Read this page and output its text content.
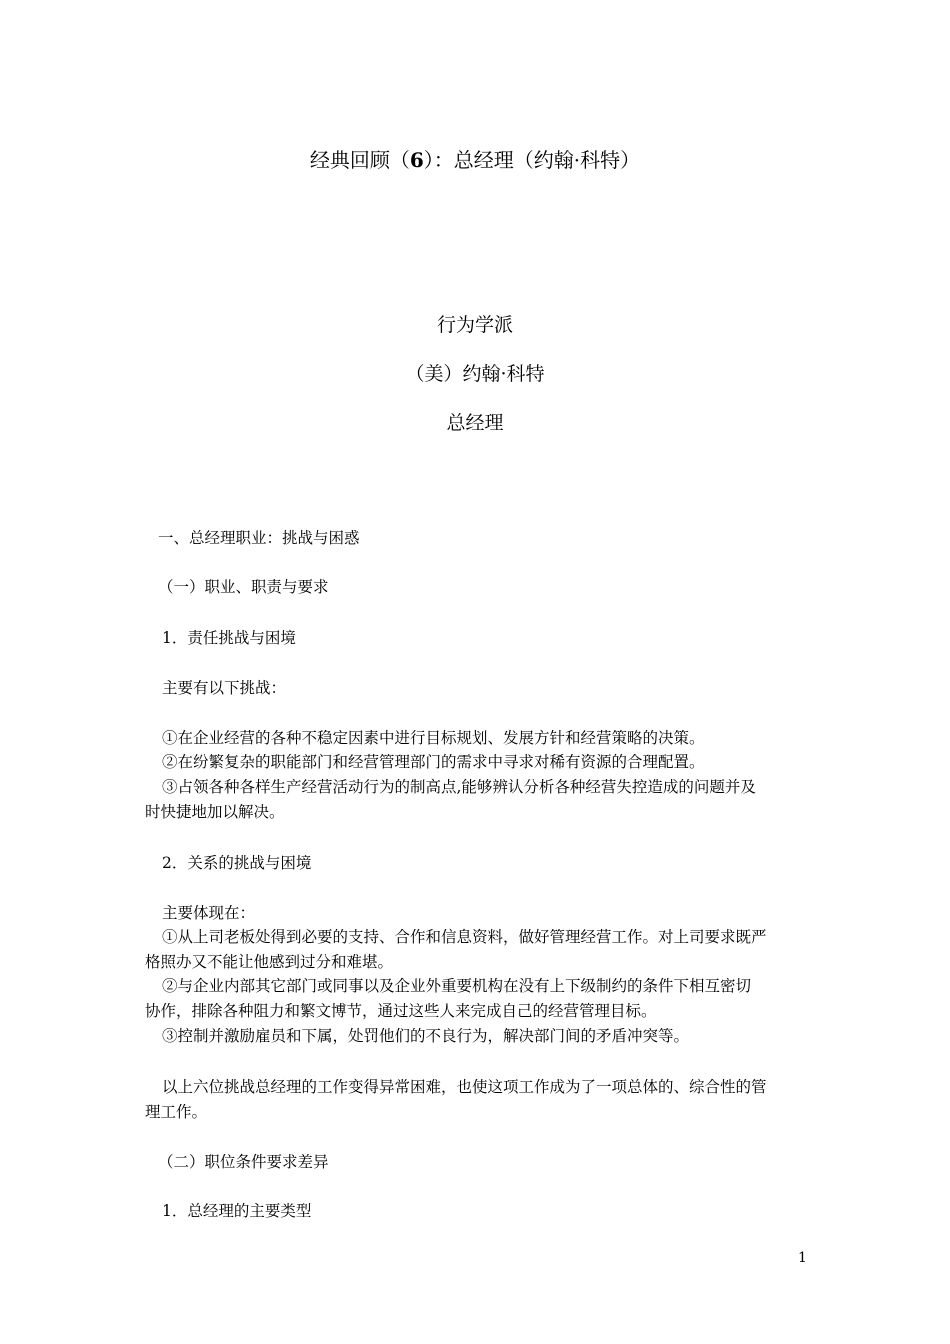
经典回顾（6）：总经理（约翰·科特）
行为学派
（美）约翰·科特
总经理
一、总经理职业：挑战与困惑
（一）职业、职责与要求
1．责任挑战与困境
主要有以下挑战：
①在企业经营的各种不稳定因素中进行目标规划、发展方针和经营策略的决策。
②在纷繁复杂的职能部门和经营管理部门的需求中寻求对稀有资源的合理配置。
③占领各种各样生产经营活动行为的制高点,能够辨认分析各种经营失控造成的问题并及
时快捷地加以解决。
2．关系的挑战与困境
主要体现在：
①从上司老板处得到必要的支持、合作和信息资料，做好管理经营工作。对上司要求既严
格照办又不能让他感到过分和难堪。
②与企业内部其它部门或同事以及企业外重要机构在没有上下级制约的条件下相互密切
协作，排除各种阻力和繁文博节，通过这些人来完成自己的经营管理目标。
③控制并激励雇员和下属，处罚他们的不良行为，解决部门间的矛盾冲突等。
以上六位挑战总经理的工作变得异常困难，也使这项工作成为了一项总体的、综合性的管
理工作。
（二）职位条件要求差异
1．总经理的主要类型
1
